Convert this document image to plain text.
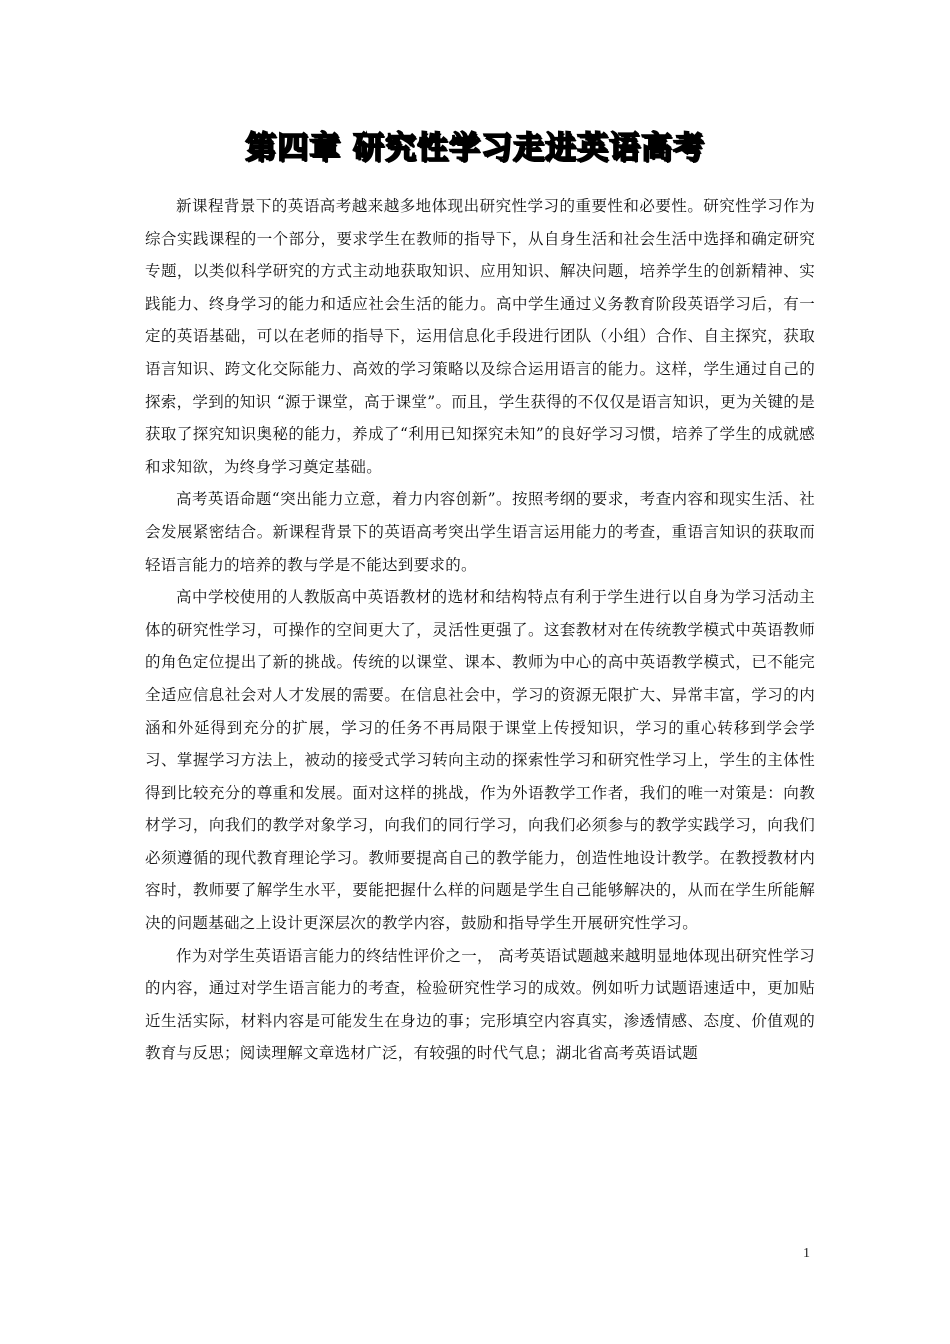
第四章 研究性学习走进英语高考

新课程背景下的英语高考越来越多地体现出研究性学习的重要性和必要性。研究性学习作为综合实践课程的一个部分，要求学生在教师的指导下，从自身生活和社会生活中选择和确定研究专题，以类似科学研究的方式主动地获取知识、应用知识、解决问题，培养学生的创新精神、实践能力、终身学习的能力和适应社会生活的能力。高中学生通过义务教育阶段英语学习后，有一定的英语基础，可以在老师的指导下，运用信息化手段进行团队（小组）合作、自主探究，获取语言知识、跨文化交际能力、高效的学习策略以及综合运用语言的能力。这样，学生通过自己的探索，学到的知识 “源于课堂，高于课堂”。而且，学生获得的不仅仅是语言知识，更为关键的是获取了探究知识奥秘的能力，养成了“利用已知探究未知”的良好学习习惯，培养了学生的成就感和求知欲，为终身学习奠定基础。

高考英语命题“突出能力立意，着力内容创新”。按照考纲的要求，考查内容和现实生活、社会发展紧密结合。新课程背景下的英语高考突出学生语言运用能力的考查，重语言知识的获取而轻语言能力的培养的教与学是不能达到要求的。

高中学校使用的人教版高中英语教材的选材和结构特点有利于学生进行以自身为学习活动主体的研究性学习，可操作的空间更大了，灵活性更强了。这套教材对在传统教学模式中英语教师的角色定位提出了新的挑战。传统的以课堂、课本、教师为中心的高中英语教学模式，已不能完全适应信息社会对人才发展的需要。在信息社会中，学习的资源无限扩大、异常丰富，学习的内涵和外延得到充分的扩展，学习的任务不再局限于课堂上传授知识，学习的重心转移到学会学习、掌握学习方法上，被动的接受式学习转向主动的探索性学习和研究性学习上，学生的主体性得到比较充分的尊重和发展。面对这样的挑战，作为外语教学工作者，我们的唯一对策是：向教材学习，向我们的教学对象学习，向我们的同行学习，向我们必须参与的教学实践学习，向我们必须遵循的现代教育理论学习。教师要提高自己的教学能力，创造性地设计教学。在教授教材内容时，教师要了解学生水平，要能把握什么样的问题是学生自己能够解决的，从而在学生所能解决的问题基础之上设计更深层次的教学内容，鼓励和指导学生开展研究性学习。

作为对学生英语语言能力的终结性评价之一， 高考英语试题越来越明显地体现出研究性学习的内容，通过对学生语言能力的考查，检验研究性学习的成效。例如听力试题语速适中，更加贴近生活实际，材料内容是可能发生在身边的事；完形填空内容真实，渗透情感、态度、价值观的教育与反思；阅读理解文章选材广泛，有较强的时代气息；湖北省高考英语试题

1
